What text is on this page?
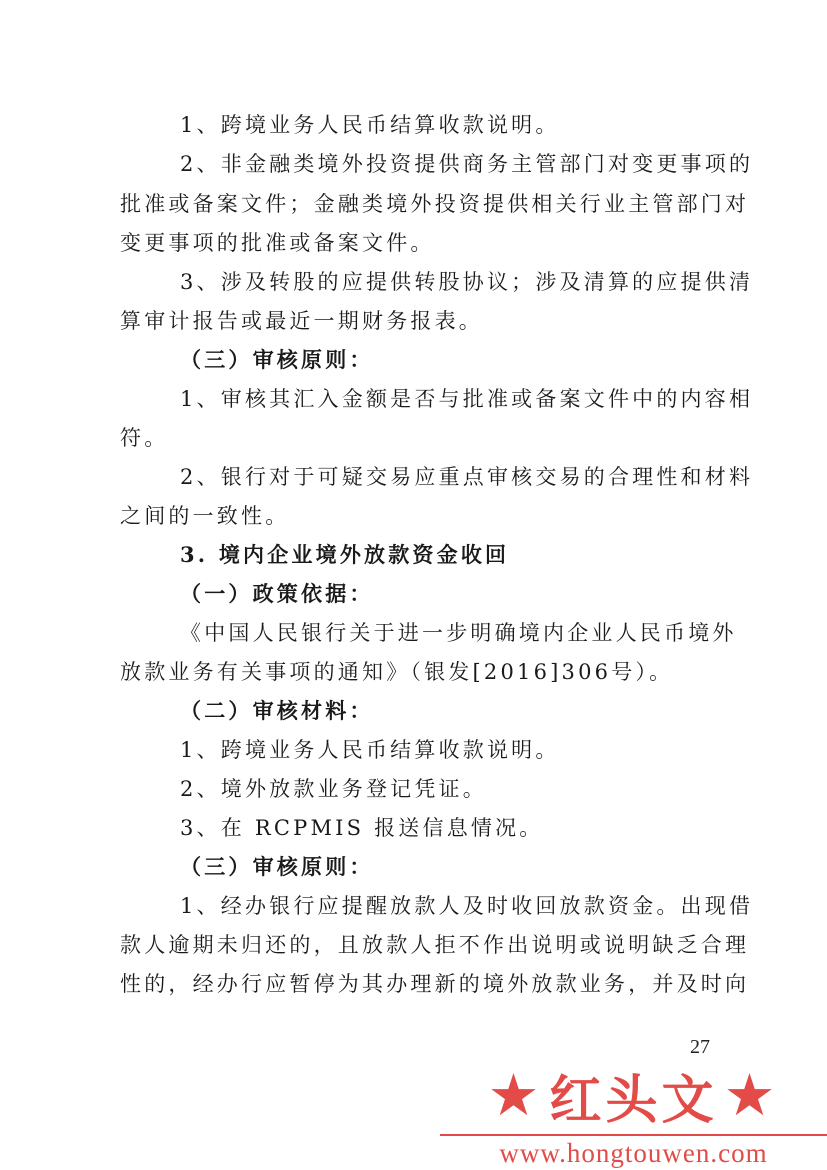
1、跨境业务人民币结算收款说明。
2、非金融类境外投资提供商务主管部门对变更事项的
批准或备案文件；金融类境外投资提供相关行业主管部门对
变更事项的批准或备案文件。
3、涉及转股的应提供转股协议；涉及清算的应提供清
算审计报告或最近一期财务报表。
（三）审核原则：
1、审核其汇入金额是否与批准或备案文件中的内容相
符。
2、银行对于可疑交易应重点审核交易的合理性和材料
之间的一致性。
3. 境内企业境外放款资金收回
（一）政策依据：
《中国人民银行关于进一步明确境内企业人民币境外
放款业务有关事项的通知》（银发[2016]306号）。
（二）审核材料：
1、跨境业务人民币结算收款说明。
2、境外放款业务登记凭证。
3、在 RCPMIS 报送信息情况。
（三）审核原则：
1、经办银行应提醒放款人及时收回放款资金。出现借
款人逾期未归还的，且放款人拒不作出说明或说明缺乏合理
性的，经办行应暂停为其办理新的境外放款业务，并及时向
27
★ 红头文 ★
www.hongtouwen.com
